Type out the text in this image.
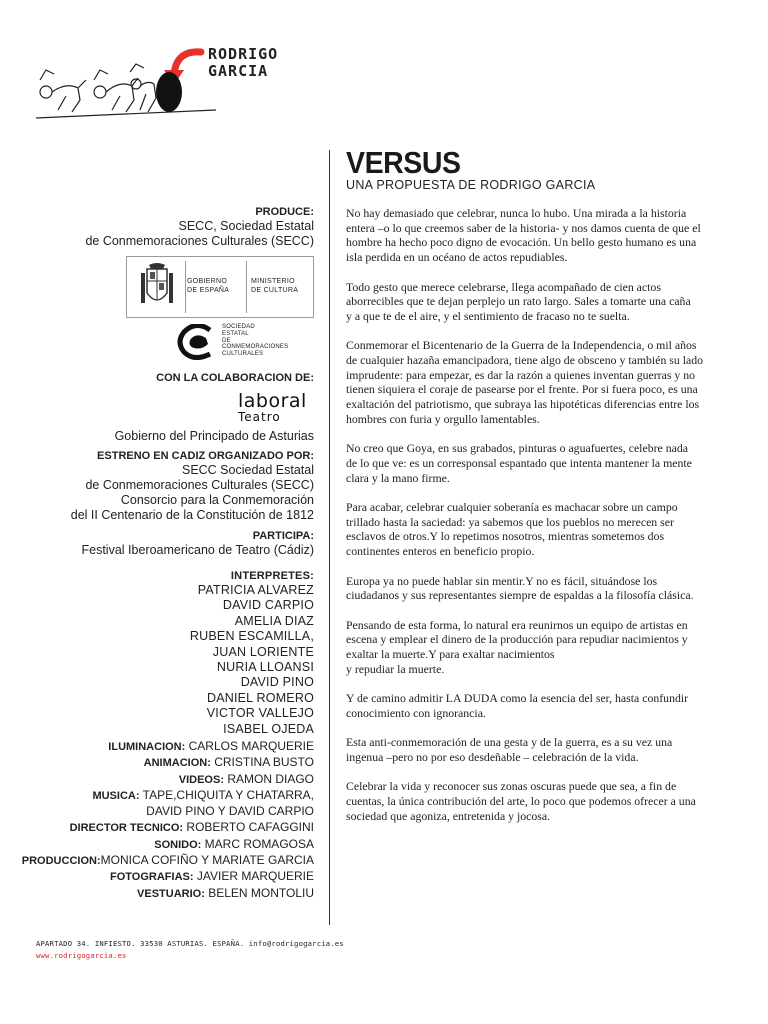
RODRIGO
GARCIA
PRODUCE:
SECC, Sociedad Estatal
de Conmemoraciones Culturales (SECC)
GOBIERNO
DE ESPAÑA
MINISTERIO
DE CULTURA
SOCIEDAD
ESTATAL
DE
CONMEMORACIONES
CULTURALES
CON LA COLABORACION DE:
laboral
Teatro
Gobierno del Principado de Asturias
ESTRENO EN CADIZ ORGANIZADO POR:
SECC Sociedad Estatal
de Conmemoraciones Culturales (SECC)
Consorcio para la Conmemoración
del II Centenario de la Constitución de 1812
PARTICIPA:
Festival Iberoamericano de Teatro (Cádiz)
INTERPRETES:
PATRICIA ALVAREZ
DAVID CARPIO
AMELIA DIAZ
RUBEN ESCAMILLA,
JUAN LORIENTE
NURIA LLOANSI
DAVID PINO
DANIEL ROMERO
VICTOR VALLEJO
ISABEL OJEDA
ILUMINACION: CARLOS MARQUERIE
ANIMACION: CRISTINA BUSTO
VIDEOS: RAMON DIAGO
MUSICA: TAPE,CHIQUITA Y CHATARRA,
DAVID PINO Y DAVID CARPIO
DIRECTOR TECNICO: ROBERTO CAFAGGINI
SONIDO: MARC ROMAGOSA
PRODUCCION:MONICA COFIÑO Y MARIATE GARCIA
FOTOGRAFIAS: JAVIER MARQUERIE
VESTUARIO: BELEN MONTOLIU
VERSUS
UNA PROPUESTA DE RODRIGO GARCIA

No hay demasiado que celebrar, nunca lo hubo. Una mirada a la historia
entera –o lo que creemos saber de la historia- y nos damos cuenta de que el
hombre ha hecho poco digno de evocación. Un bello gesto humano es una
isla perdida en un océano de actos repudiables.

Todo gesto que merece celebrarse, llega acompañado de cien actos
aborrecibles que te dejan perplejo un rato largo. Sales a tomarte una caña
y a que te de el aire, y el sentimiento de fracaso no te suelta.

Conmemorar el Bicentenario de la Guerra de la Independencia, o mil años
de cualquier hazaña emancipadora, tiene algo de obsceno y también su lado
imprudente: para empezar, es dar la razón a quienes inventan guerras y no
tienen siquiera el coraje de pasearse por el frente. Por si fuera poco, es una
exaltación del patriotismo, que subraya las hipotéticas diferencias entre los
hombres con furia y orgullo lamentables.

No creo que Goya, en sus grabados, pinturas o aguafuertes, celebre nada
de lo que ve: es un corresponsal espantado que intenta mantener la mente
clara y la mano firme.

Para acabar, celebrar cualquier soberanía es machacar sobre un campo
trillado hasta la saciedad: ya sabemos que los pueblos no merecen ser
esclavos de otros.Y lo repetimos nosotros, mientras sometemos dos
continentes enteros en beneficio propio.

Europa ya no puede hablar sin mentir.Y no es fácil, situándose los
ciudadanos y sus representantes siempre de espaldas a la filosofía clásica.

Pensando de esta forma, lo natural era reunirnos un equipo de artistas en
escena y emplear el dinero de la producción para repudiar nacimientos y
exaltar la muerte.Y para exaltar nacimientos
y repudiar la muerte.

Y de camino admitir LA DUDA como la esencia del ser, hasta confundir
conocimiento con ignorancia.

Esta anti-conmemoración de una gesta y de la guerra, es a su vez una
ingenua –pero no por eso desdeñable – celebración de la vida.

Celebrar la vida y reconocer sus zonas oscuras puede que sea, a fin de
cuentas, la única contribución del arte, lo poco que podemos ofrecer a una
sociedad que agoniza, entretenida y jocosa.

APARTADO 34. INFIESTO. 33530 ASTURIAS. ESPAÑA. info@rodrigogarcia.es
www.rodrigogarcia.es
